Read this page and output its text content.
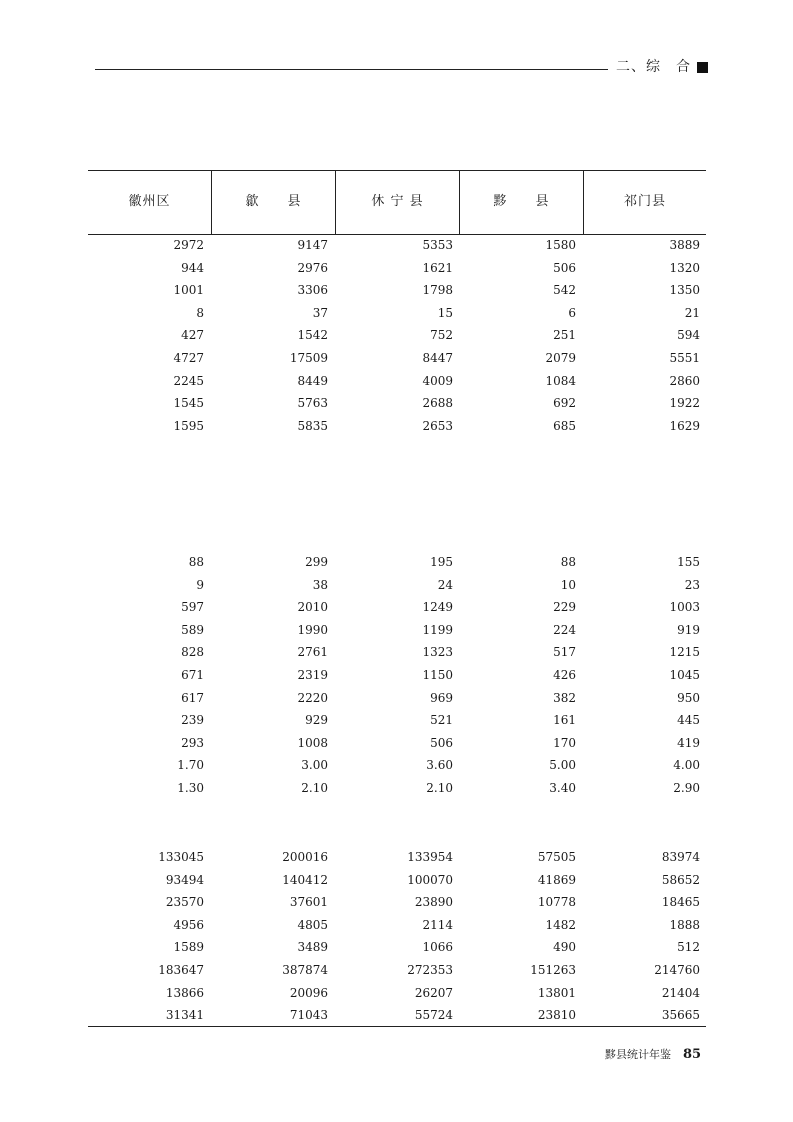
二、综　合
徽州区	歙　　县	休 宁 县	黟　　县	祁门县
2972	9147	5353	1580	3889
944	2976	1621	506	1320
1001	3306	1798	542	1350
8	37	15	6	21
427	1542	752	251	594
4727	17509	8447	2079	5551
2245	8449	4009	1084	2860
1545	5763	2688	692	1922
1595	5835	2653	685	1629
88	299	195	88	155
9	38	24	10	23
597	2010	1249	229	1003
589	1990	1199	224	919
828	2761	1323	517	1215
671	2319	1150	426	1045
617	2220	969	382	950
239	929	521	161	445
293	1008	506	170	419
1.70	3.00	3.60	5.00	4.00
1.30	2.10	2.10	3.40	2.90
133045	200016	133954	57505	83974
93494	140412	100070	41869	58652
23570	37601	23890	10778	18465
4956	4805	2114	1482	1888
1589	3489	1066	490	512
183647	387874	272353	151263	214760
13866	20096	26207	13801	21404
31341	71043	55724	23810	35665
黟县统计年鉴 85
